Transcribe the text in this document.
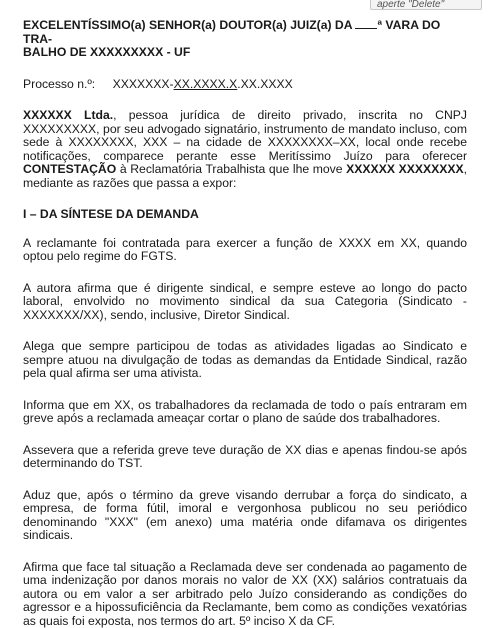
aperte "Delete"
EXCELENTÍSSIMO(a) SENHOR(a) DOUTOR(a) JUIZ(a) DA ª VARA DO TRA-
BALHO DE XXXXXXXXX - UF
Processo n.º: XXXXXXX-XX.XXXX.X.XX.XXXX

XXXXXX Ltda., pessoa jurídica de direito privado, inscrita no CNPJ XXXXXXXXX, por seu advogado signatário, instrumento de mandato incluso, com sede à XXXXXXXX, XXX – na cidade de XXXXXXXX–XX, local onde recebe notificações, comparece perante esse Meritíssimo Juízo para oferecer CONTESTAÇÃO à Reclamatória Trabalhista que lhe move XXXXXX XXXXXXXX, mediante as razões que passa a expor:

I – DA SÍNTESE DA DEMANDA

A reclamante foi contratada para exercer a função de XXXX em XX, quando optou pelo regime do FGTS.

A autora afirma que é dirigente sindical, e sempre esteve ao longo do pacto laboral, envolvido no movimento sindical da sua Categoria (Sindicato - XXXXXXX/XX), sendo, inclusive, Diretor Sindical.

Alega que sempre participou de todas as atividades ligadas ao Sindicato e sempre atuou na divulgação de todas as demandas da Entidade Sindical, razão pela qual afirma ser uma ativista.

Informa que em XX, os trabalhadores da reclamada de todo o país entraram em greve após a reclamada ameaçar cortar o plano de saúde dos trabalhadores.

Assevera que a referida greve teve duração de XX dias e apenas findou-se após determinando do TST.

Aduz que, após o término da greve visando derrubar a força do sindicato, a empresa, de forma fútil, imoral e vergonhosa publicou no seu periódico denominando "XXX" (em anexo) uma matéria onde difamava os dirigentes sindicais.

Afirma que face tal situação a Reclamada deve ser condenada ao pagamento de uma indenização por danos morais no valor de XX (XX) salários contratuais da autora ou em valor a ser arbitrado pelo Juízo considerando as condições do agressor e a hipossuficiência da Reclamante, bem como as condições vexatórias as quais foi exposta, nos termos do art. 5º inciso X da CF.
